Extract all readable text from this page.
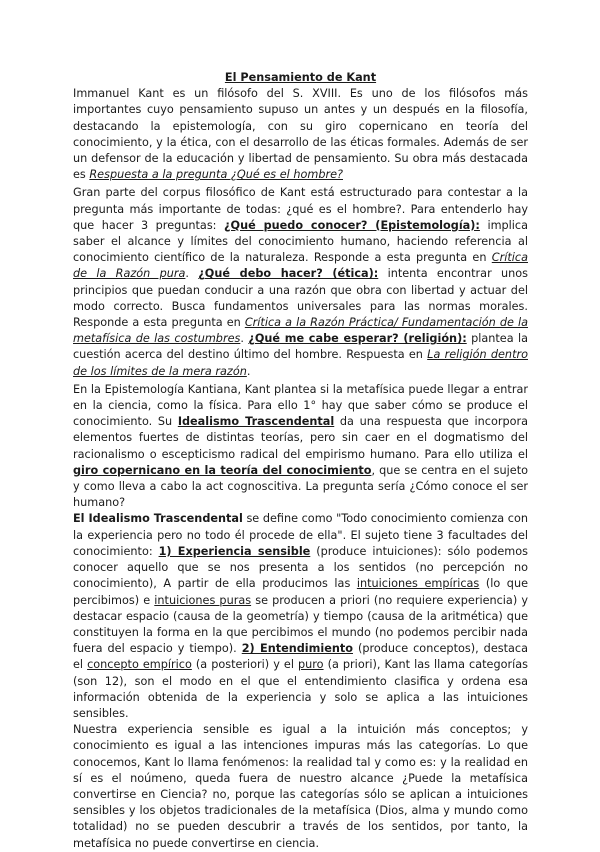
El Pensamiento de Kant

Immanuel Kant es un filósofo del S. XVIII. Es uno de los filósofos más importantes cuyo pensamiento supuso un antes y un después en la filosofía, destacando la epistemología, con su giro copernicano en teoría del conocimiento, y la ética, con el desarrollo de las éticas formales. Además de ser un defensor de la educación y libertad de pensamiento. Su obra más destacada es Respuesta a la pregunta ¿Qué es el hombre?

Gran parte del corpus filosófico de Kant está estructurado para contestar a la pregunta más importante de todas: ¿qué es el hombre?. Para entenderlo hay que hacer 3 preguntas: ¿Qué puedo conocer? (Epistemología): implica saber el alcance y límites del conocimiento humano, haciendo referencia al conocimiento científico de la naturaleza. Responde a esta pregunta en Crítica de la Razón pura. ¿Qué debo hacer? (ética): intenta encontrar unos principios que puedan conducir a una razón que obra con libertad y actuar del modo correcto. Busca fundamentos universales para las normas morales. Responde a esta pregunta en Crítica a la Razón Práctica/ Fundamentación de la metafísica de las costumbres. ¿Qué me cabe esperar? (religión): plantea la cuestión acerca del destino último del hombre. Respuesta en La religión dentro de los límites de la mera razón.

En la Epistemología Kantiana, Kant plantea si la metafísica puede llegar a entrar en la ciencia, como la física. Para ello 1° hay que saber cómo se produce el conocimiento. Su Idealismo Trascendental da una respuesta que incorpora elementos fuertes de distintas teorías, pero sin caer en el dogmatismo del racionalismo o escepticismo radical del empirismo humano. Para ello utiliza el giro copernicano en la teoría del conocimiento, que se centra en el sujeto y como lleva a cabo la act cognoscitiva. La pregunta sería ¿Cómo conoce el ser humano?

El Idealismo Trascendental se define como "Todo conocimiento comienza con la experiencia pero no todo él procede de ella". El sujeto tiene 3 facultades del conocimiento: 1) Experiencia sensible (produce intuiciones): sólo podemos conocer aquello que se nos presenta a los sentidos (no percepción no conocimiento), A partir de ella producimos las intuiciones empíricas (lo que percibimos) e intuiciones puras se producen a priori (no requiere experiencia) y destacar espacio (causa de la geometría) y tiempo (causa de la aritmética) que constituyen la forma en la que percibimos el mundo (no podemos percibir nada fuera del espacio y tiempo). 2) Entendimiento (produce conceptos), destaca el concepto empírico (a posteriori) y el puro (a priori), Kant las llama categorías (son 12), son el modo en el que el entendimiento clasifica y ordena esa información obtenida de la experiencia y solo se aplica a las intuiciones sensibles.

Nuestra experiencia sensible es igual a la intuición más conceptos; y conocimiento es igual a las intenciones impuras más las categorías. Lo que conocemos, Kant lo llama fenómenos: la realidad tal y como es: y la realidad en sí es el noúmeno, queda fuera de nuestro alcance ¿Puede la metafísica convertirse en Ciencia? no, porque las categorías sólo se aplican a intuiciones sensibles y los objetos tradicionales de la metafísica (Dios, alma y mundo como totalidad) no se pueden descubrir a través de los sentidos, por tanto, la metafísica no puede convertirse en ciencia.
